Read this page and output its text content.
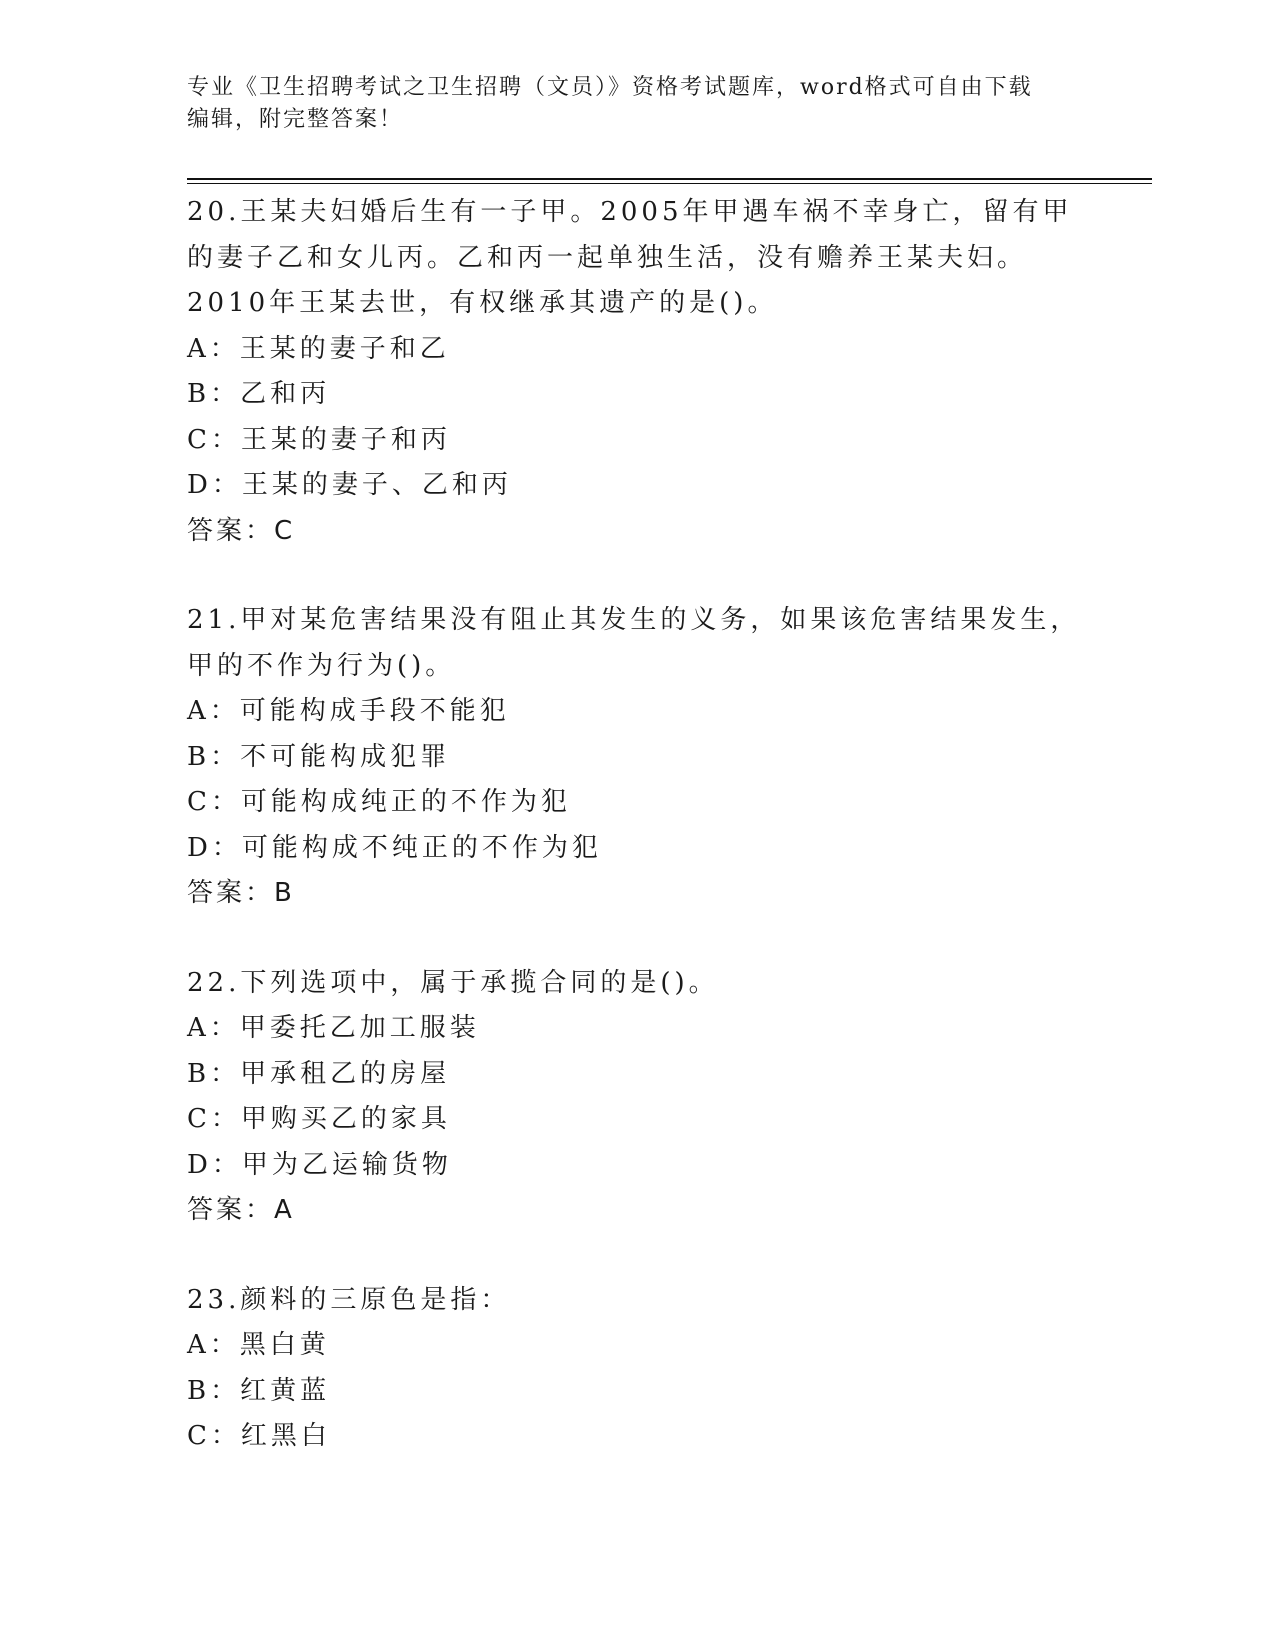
专业《卫生招聘考试之卫生招聘（文员）》资格考试题库，word格式可自由下载
编辑，附完整答案！
20.王某夫妇婚后生有一子甲。2005年甲遇车祸不幸身亡，留有甲的妻子乙和女儿丙。乙和丙一起单独生活，没有赡养王某夫妇。2010年王某去世，有权继承其遗产的是()。
A：王某的妻子和乙
B：乙和丙
C：王某的妻子和丙
D：王某的妻子、乙和丙
答案：C
21.甲对某危害结果没有阻止其发生的义务，如果该危害结果发生，甲的不作为行为()。
A：可能构成手段不能犯
B：不可能构成犯罪
C：可能构成纯正的不作为犯
D：可能构成不纯正的不作为犯
答案：B
22.下列选项中，属于承揽合同的是()。
A：甲委托乙加工服装
B：甲承租乙的房屋
C：甲购买乙的家具
D：甲为乙运输货物
答案：A
23.颜料的三原色是指：
A：黑白黄
B：红黄蓝
C：红黑白
